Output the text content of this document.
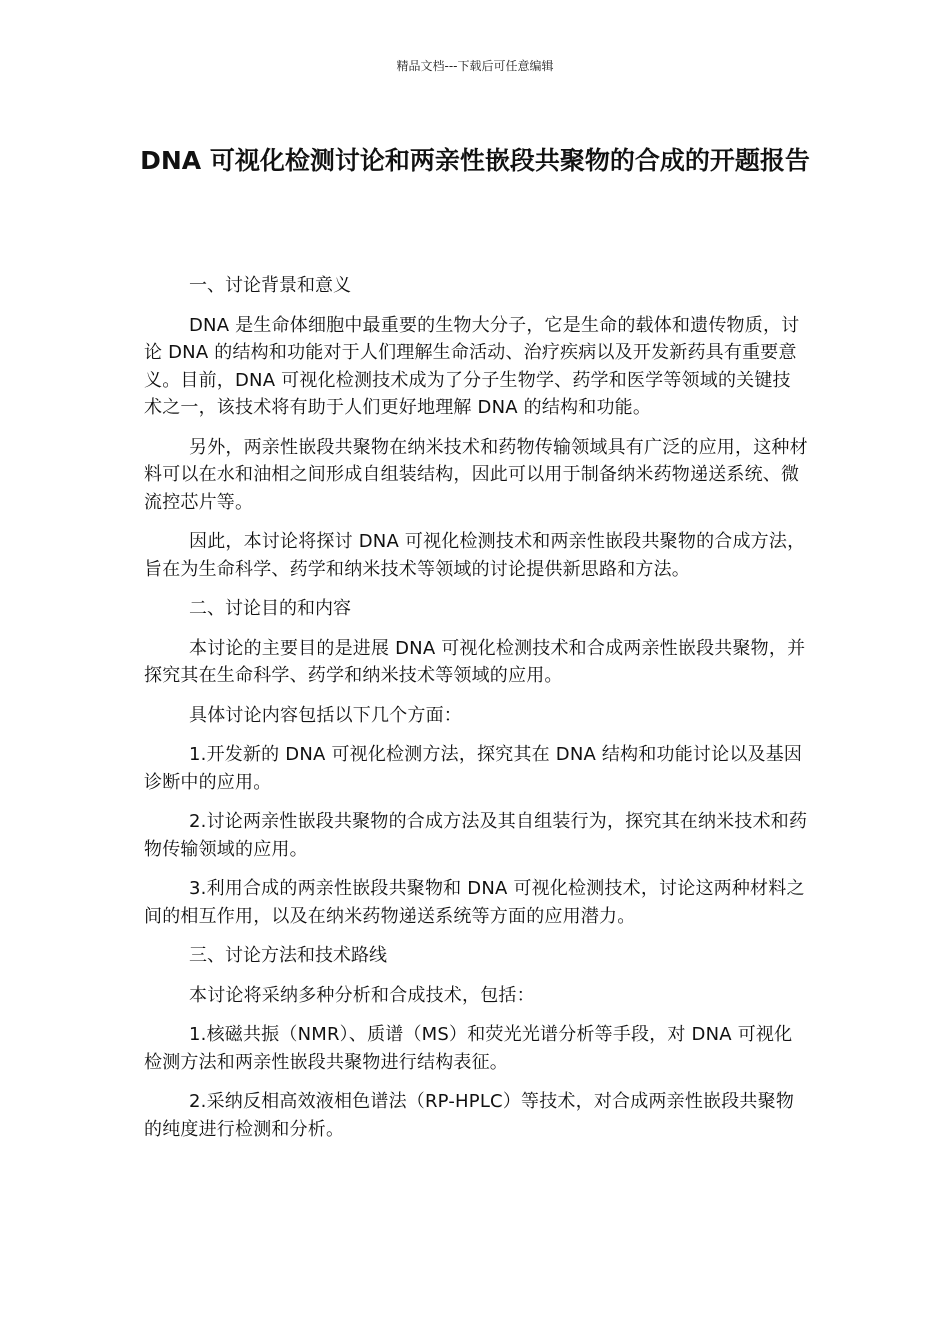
精品文档---下载后可任意编辑
DNA 可视化检测讨论和两亲性嵌段共聚物的合成的开题报告

一、讨论背景和意义

DNA 是生命体细胞中最重要的生物大分子，它是生命的载体和遗传物质，讨论 DNA 的结构和功能对于人们理解生命活动、治疗疾病以及开发新药具有重要意义。目前，DNA 可视化检测技术成为了分子生物学、药学和医学等领域的关键技术之一，该技术将有助于人们更好地理解 DNA 的结构和功能。

另外，两亲性嵌段共聚物在纳米技术和药物传输领域具有广泛的应用，这种材料可以在水和油相之间形成自组装结构，因此可以用于制备纳米药物递送系统、微流控芯片等。

因此，本讨论将探讨 DNA 可视化检测技术和两亲性嵌段共聚物的合成方法，旨在为生命科学、药学和纳米技术等领域的讨论提供新思路和方法。

二、讨论目的和内容

本讨论的主要目的是进展 DNA 可视化检测技术和合成两亲性嵌段共聚物，并探究其在生命科学、药学和纳米技术等领域的应用。

具体讨论内容包括以下几个方面：

1.开发新的 DNA 可视化检测方法，探究其在 DNA 结构和功能讨论以及基因诊断中的应用。

2.讨论两亲性嵌段共聚物的合成方法及其自组装行为，探究其在纳米技术和药物传输领域的应用。

3.利用合成的两亲性嵌段共聚物和 DNA 可视化检测技术，讨论这两种材料之间的相互作用，以及在纳米药物递送系统等方面的应用潜力。

三、讨论方法和技术路线

本讨论将采纳多种分析和合成技术，包括：

1.核磁共振（NMR）、质谱（MS）和荧光光谱分析等手段，对 DNA 可视化检测方法和两亲性嵌段共聚物进行结构表征。

2.采纳反相高效液相色谱法（RP-HPLC）等技术，对合成两亲性嵌段共聚物的纯度进行检测和分析。
